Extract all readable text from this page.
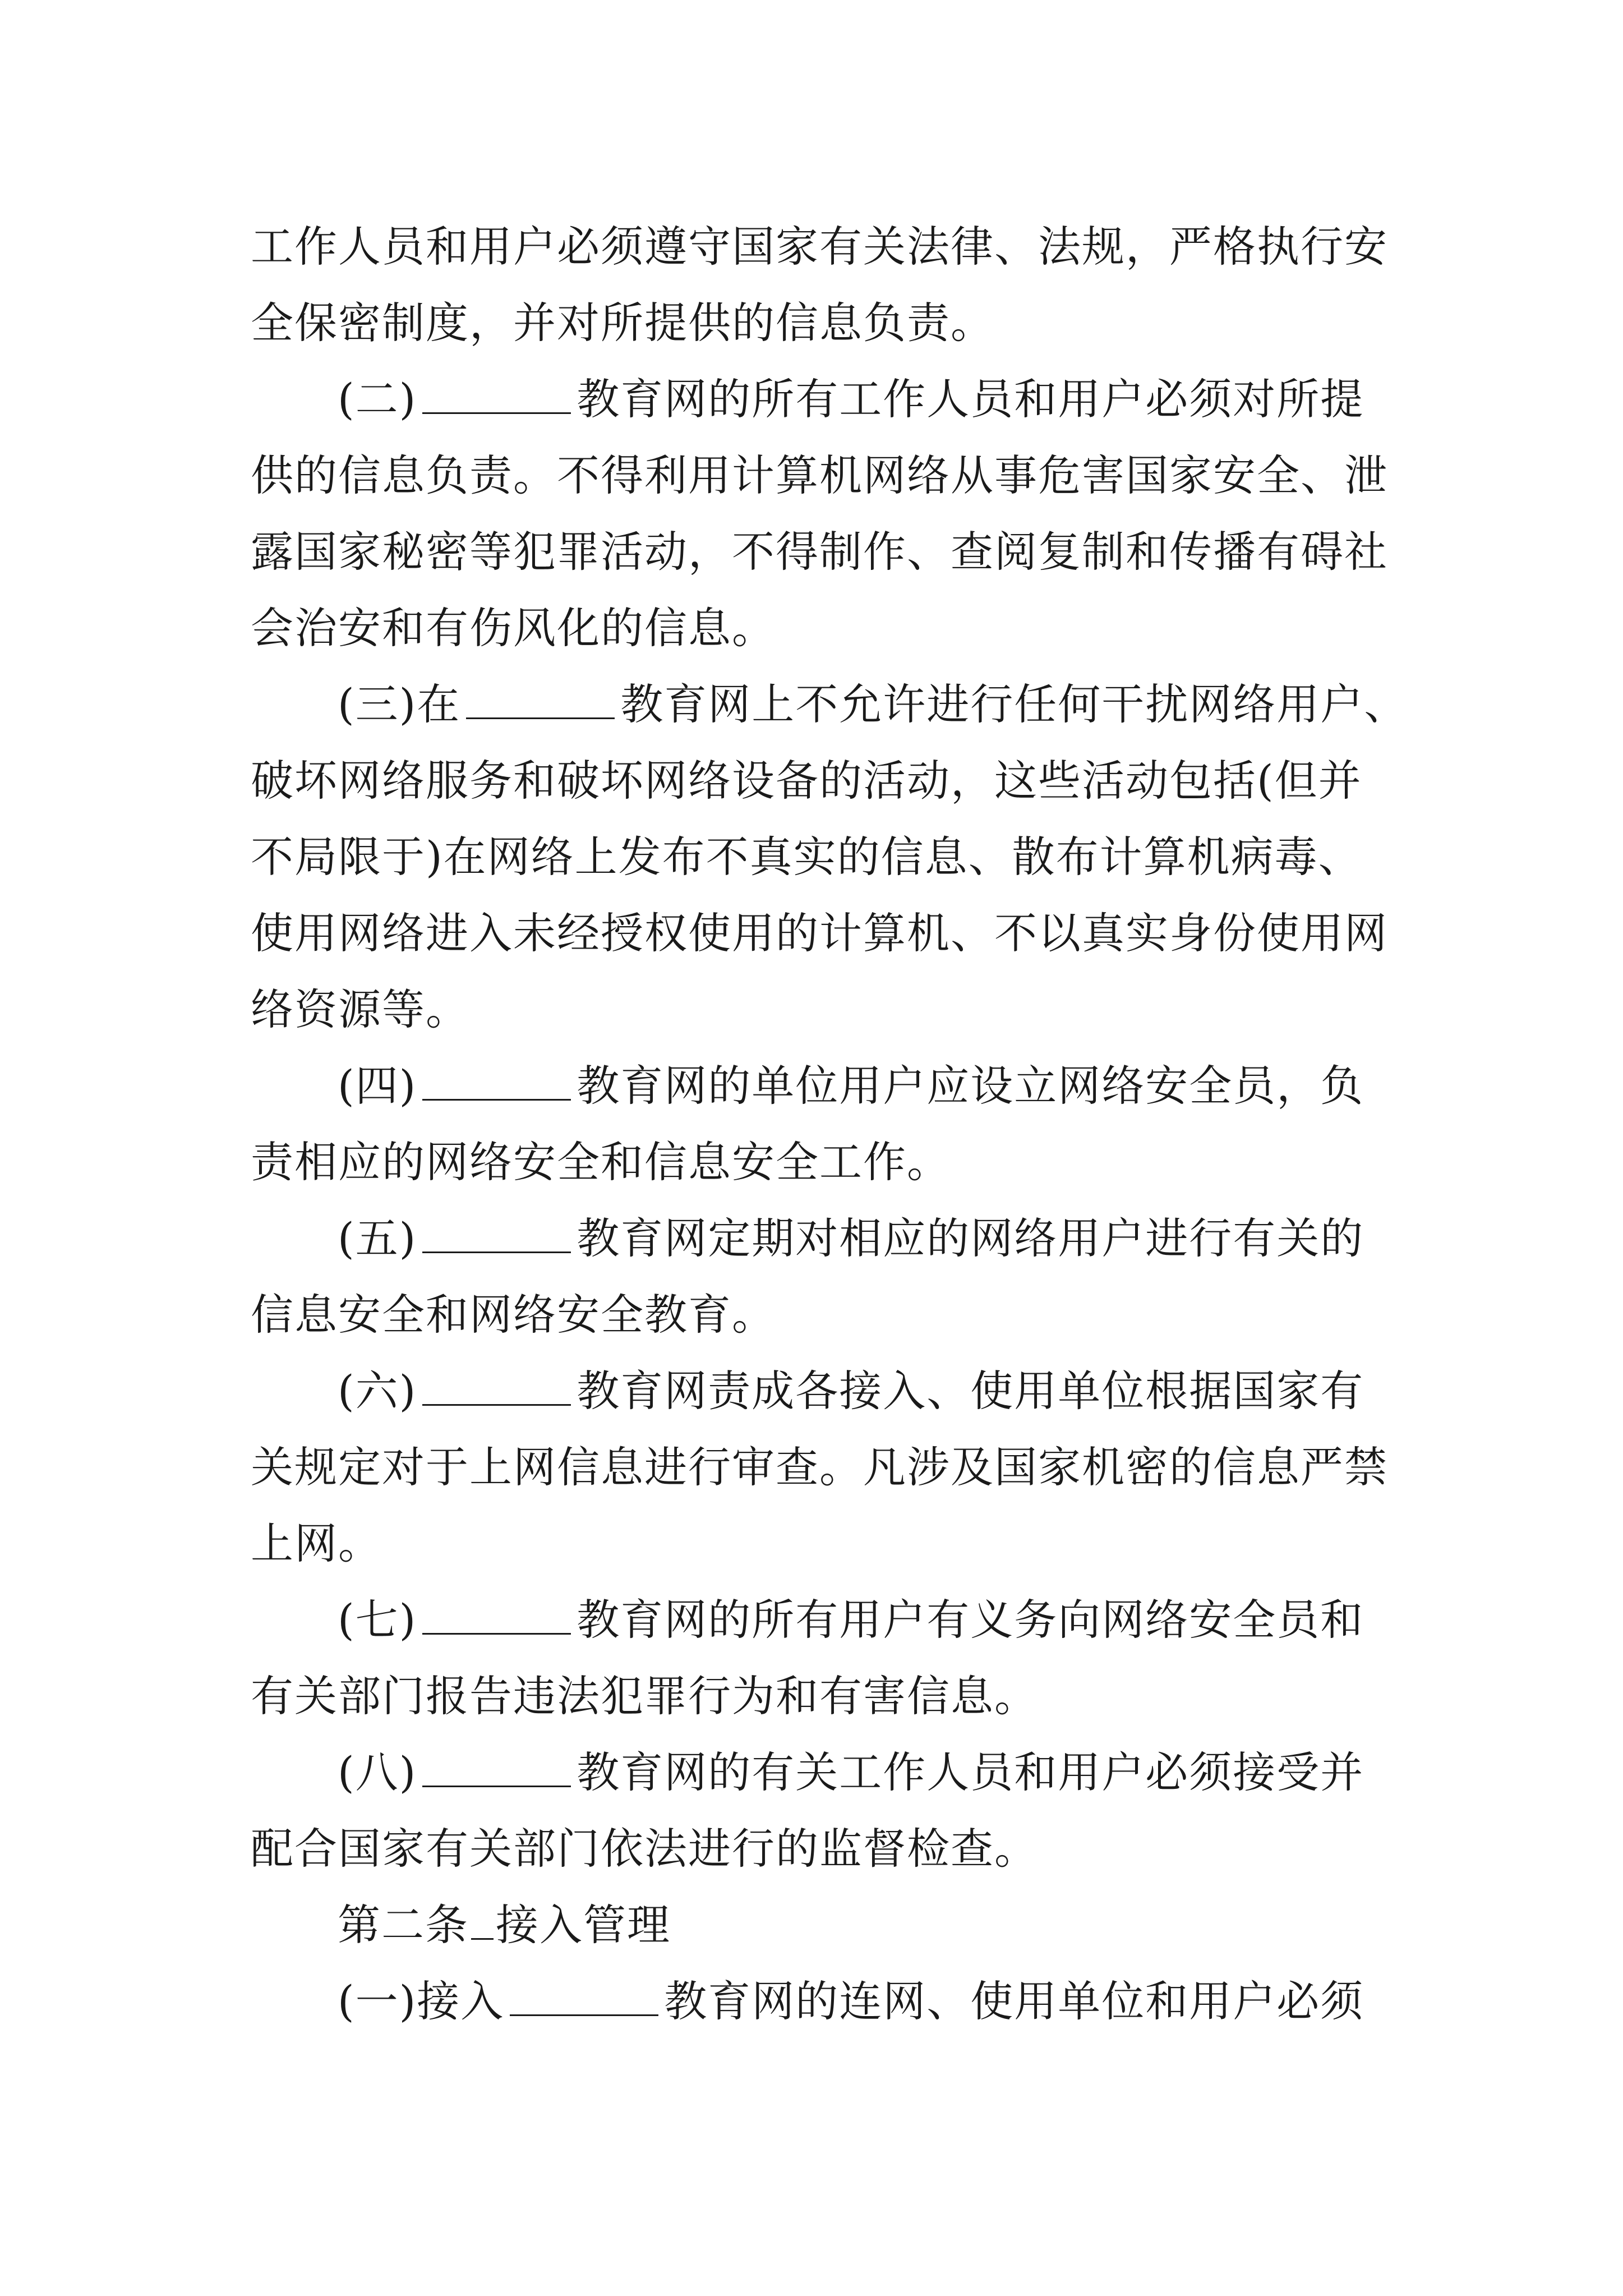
工作人员和用户必须遵守国家有关法律、法规，严格执行安

全保密制度，并对所提供的信息负责。

(二)	教育网的所有工作人员和用户必须对所提

供的信息负责。不得利用计算机网络从事危害国家安全、泄

露国家秘密等犯罪活动，不得制作、查阅复制和传播有碍社

会治安和有伤风化的信息。

(三)在	教育网上不允许进行任何干扰网络用户、

破坏网络服务和破坏网络设备的活动，这些活动包括(但并

不局限于)在网络上发布不真实的信息、散布计算机病毒、

使用网络进入未经授权使用的计算机、不以真实身份使用网

络资源等。

(四)	教育网的单位用户应设立网络安全员，负

责相应的网络安全和信息安全工作。

(五)	教育网定期对相应的网络用户进行有关的

信息安全和网络安全教育。

(六)	教育网责成各接入、使用单位根据国家有

关规定对于上网信息进行审查。凡涉及国家机密的信息严禁

上网。

(七)	教育网的所有用户有义务向网络安全员和

有关部门报告违法犯罪行为和有害信息。

(八)	教育网的有关工作人员和用户必须接受并

配合国家有关部门依法进行的监督检查。

第二条 接入管理

(一)接入	教育网的连网、使用单位和用户必须
